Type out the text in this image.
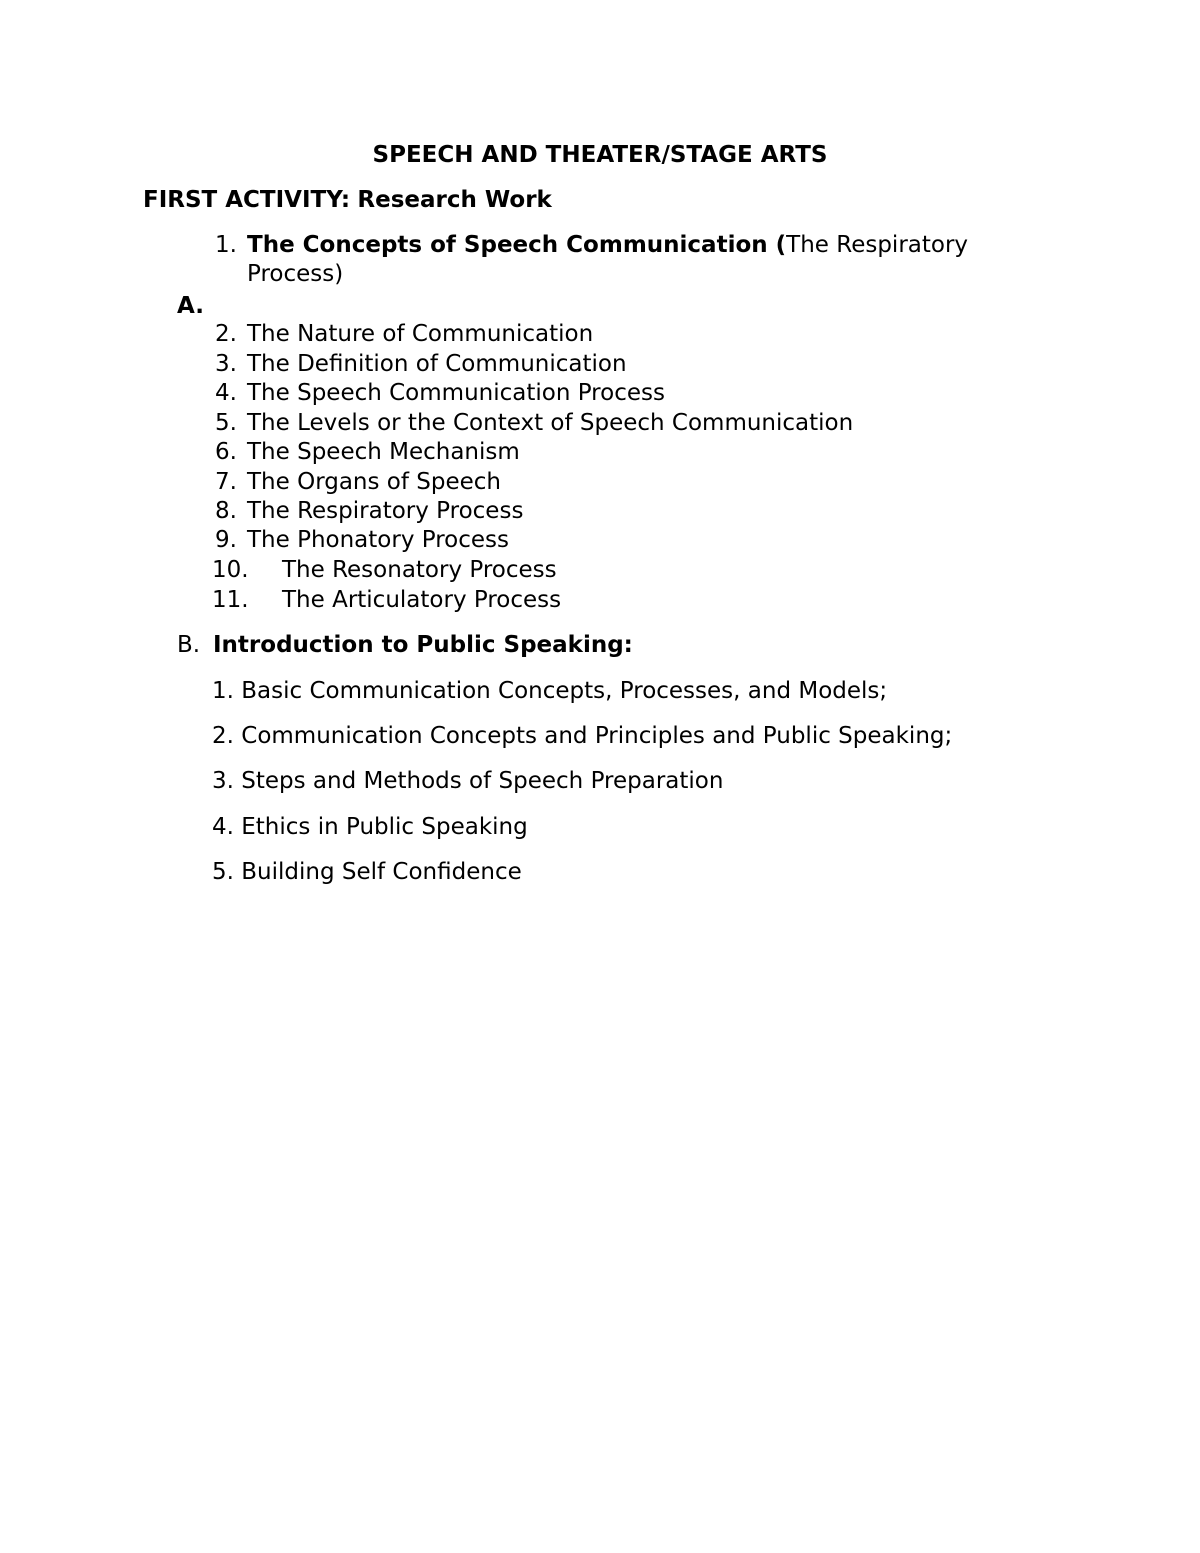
SPEECH AND THEATER/STAGE ARTS
FIRST ACTIVITY: Research Work
1. The Concepts of Speech Communication (The Respiratory
Process)
A.
2. The Nature of Communication
3. The Definition of Communication
4. The Speech Communication Process
5. The Levels or the Context of Speech Communication
6. The Speech Mechanism
7. The Organs of Speech
8. The Respiratory Process
9. The Phonatory Process
10. The Resonatory Process
11. The Articulatory Process
B. Introduction to Public Speaking:
1. Basic Communication Concepts, Processes, and Models;
2. Communication Concepts and Principles and Public Speaking;
3. Steps and Methods of Speech Preparation
4. Ethics in Public Speaking
5. Building Self Confidence
